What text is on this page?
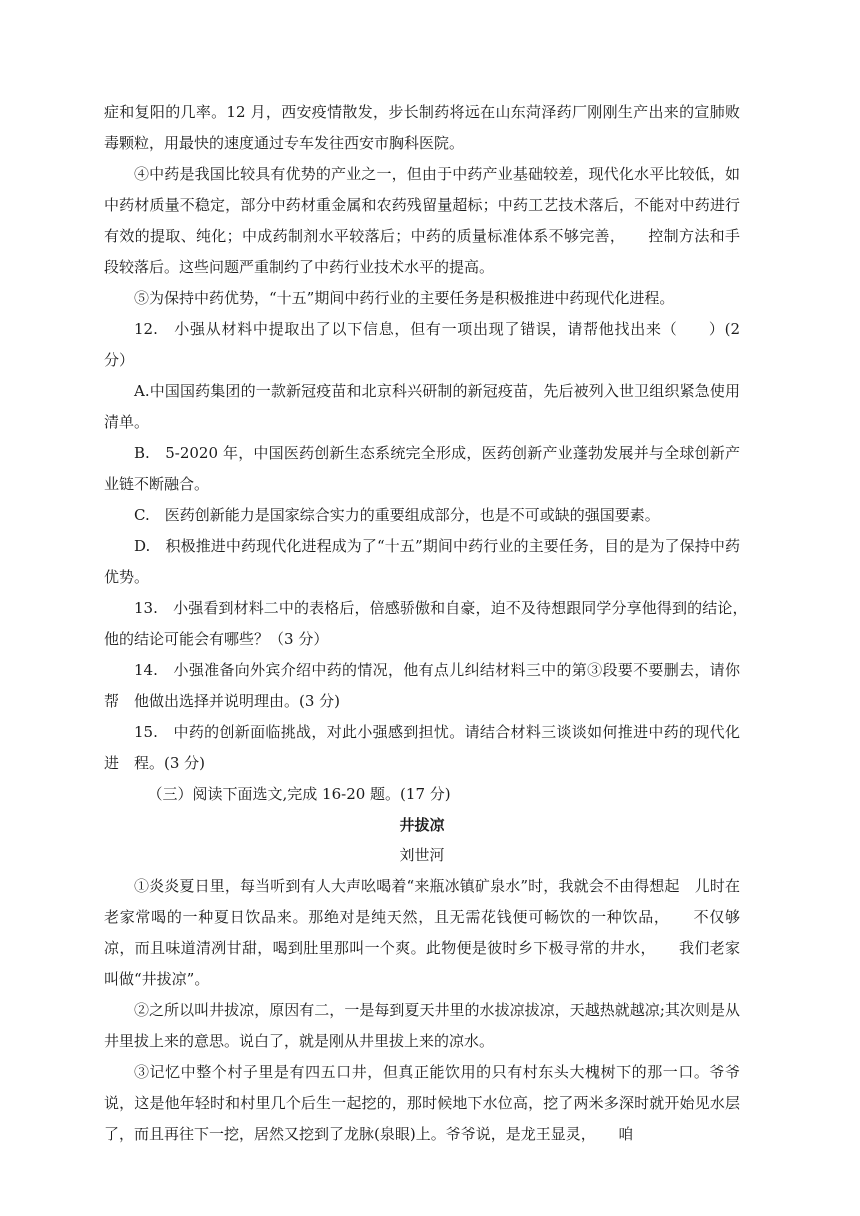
症和复阳的几率。12 月，西安疫情散发，步长制药将远在山东菏泽药厂刚刚生产出来的宣肺败毒颗粒，用最快的速度通过专车发往西安市胸科医院。

④中药是我国比较具有优势的产业之一，但由于中药产业基础较差，现代化水平比较低，如中药材质量不稳定，部分中药材重金属和农药残留量超标；中药工艺技术落后，不能对中药进行有效的提取、纯化；中成药制剂水平较落后；中药的质量标准体系不够完善，　　控制方法和手段较落后。这些问题严重制约了中药行业技术水平的提高。

⑤为保持中药优势，“十五”期间中药行业的主要任务是积极推进中药现代化进程。

12.　小强从材料中提取出了以下信息，但有一项出现了错误，请帮他找出来（　　）(2 分）

A.中国国药集团的一款新冠疫苗和北京科兴研制的新冠疫苗，先后被列入世卫组织紧急使用清单。

B.　5-2020 年，中国医药创新生态系统完全形成，医药创新产业蓬勃发展并与全球创新产业链不断融合。

C.　医药创新能力是国家综合实力的重要组成部分，也是不可或缺的强国要素。

D.　积极推进中药现代化进程成为了“十五”期间中药行业的主要任务，目的是为了保持中药优势。

13.　小强看到材料二中的表格后，倍感骄傲和自豪，迫不及待想跟同学分享他得到的结论，　他的结论可能会有哪些？（3 分）

14.　小强准备向外宾介绍中药的情况，他有点儿纠结材料三中的第③段要不要删去，请你帮　他做出选择并说明理由。(3 分)

15.　中药的创新面临挑战，对此小强感到担忧。请结合材料三谈谈如何推进中药的现代化进　程。(3 分)

（三）阅读下面选文,完成 16-20 题。(17 分)

井拔凉

刘世河

①炎炎夏日里，每当听到有人大声吆喝着“来瓶冰镇矿泉水”时，我就会不由得想起　儿时在老家常喝的一种夏日饮品来。那绝对是纯天然，且无需花钱便可畅饮的一种饮品，　　不仅够凉，而且味道清冽甘甜，喝到肚里那叫一个爽。此物便是彼时乡下极寻常的井水，　　我们老家叫做“井拔凉”。

②之所以叫井拔凉，原因有二，一是每到夏天井里的水拔凉拔凉，天越热就越凉;其次则是从井里拔上来的意思。说白了，就是刚从井里拔上来的凉水。

③记忆中整个村子里是有四五口井，但真正能饮用的只有村东头大槐树下的那一口。爷爷说，这是他年轻时和村里几个后生一起挖的，那时候地下水位高，挖了两米多深时就开始见水层了，而且再往下一挖，居然又挖到了龙脉(泉眼)上。爷爷说，是龙王显灵，　　咱
